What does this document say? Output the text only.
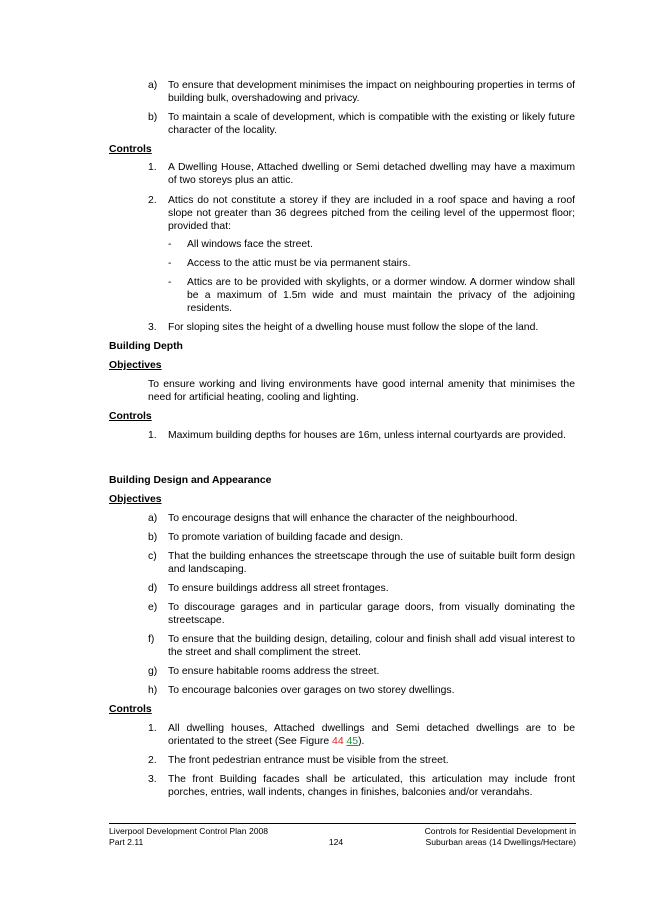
a) To ensure that development minimises the impact on neighbouring properties in terms of building bulk, overshadowing and privacy.
b) To maintain a scale of development, which is compatible with the existing or likely future character of the locality.
Controls
1. A Dwelling House, Attached dwelling or Semi detached dwelling may have a maximum of two storeys plus an attic.
2. Attics do not constitute a storey if they are included in a roof space and having a roof slope not greater than 36 degrees pitched from the ceiling level of the uppermost floor; provided that:
- All windows face the street.
- Access to the attic must be via permanent stairs.
- Attics are to be provided with skylights, or a dormer window. A dormer window shall be a maximum of 1.5m wide and must maintain the privacy of the adjoining residents.
3. For sloping sites the height of a dwelling house must follow the slope of the land.
Building Depth
Objectives
To ensure working and living environments have good internal amenity that minimises the need for artificial heating, cooling and lighting.
Controls
1. Maximum building depths for houses are 16m, unless internal courtyards are provided.
Building Design and Appearance
Objectives
a) To encourage designs that will enhance the character of the neighbourhood.
b) To promote variation of building facade and design.
c) That the building enhances the streetscape through the use of suitable built form design and landscaping.
d) To ensure buildings address all street frontages.
e) To discourage garages and in particular garage doors, from visually dominating the streetscape.
f) To ensure that the building design, detailing, colour and finish shall add visual interest to the street and shall compliment the street.
g) To ensure habitable rooms address the street.
h) To encourage balconies over garages on two storey dwellings.
Controls
1. All dwelling houses, Attached dwellings and Semi detached dwellings are to be orientated to the street (See Figure 44 45).
2. The front pedestrian entrance must be visible from the street.
3. The front Building facades shall be articulated, this articulation may include front porches, entries, wall indents, changes in finishes, balconies and/or verandahs.
Liverpool Development Control Plan 2008
Part 2.11	124
Controls for Residential Development in
Suburban areas (14 Dwellings/Hectare)
